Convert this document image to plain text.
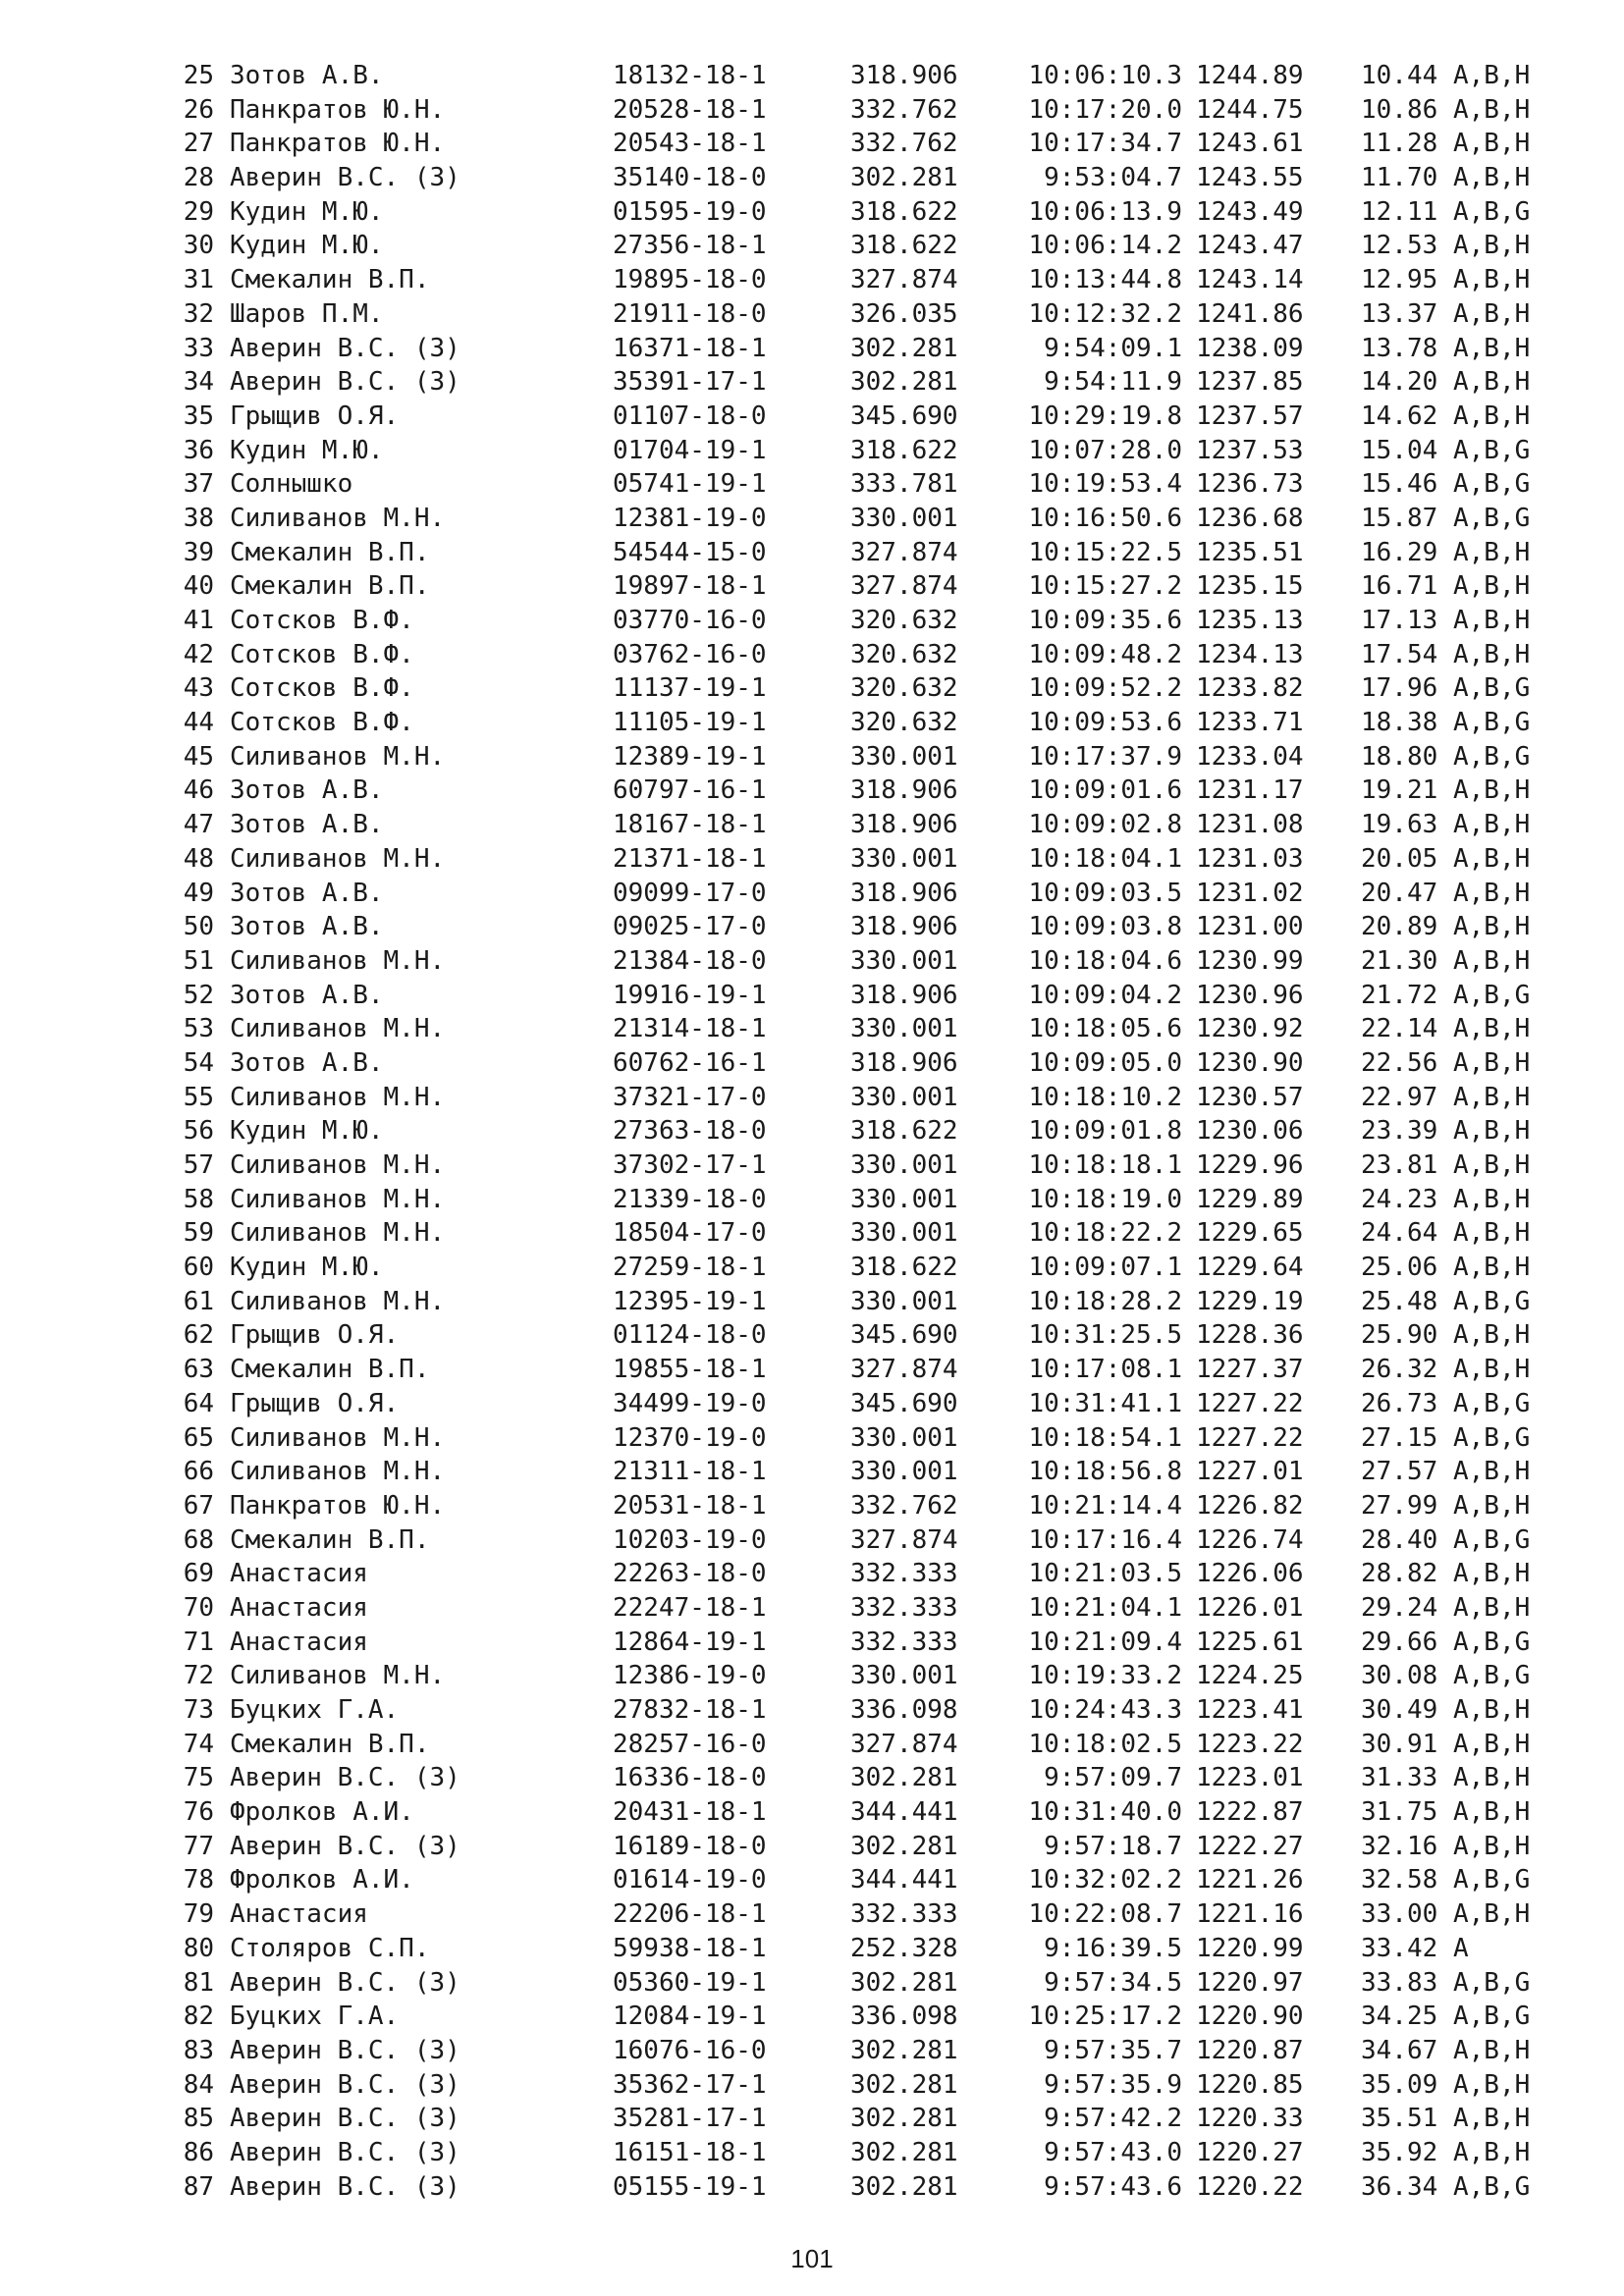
25 Зотов А.В.	18132-18-1	318.906	10:06:10.3 1244.89 10.44 A,B,H
26 Панкратов Ю.Н.	20528-18-1	332.762	10:17:20.0 1244.75 10.86 A,B,H
27 Панкратов Ю.Н.	20543-18-1	332.762	10:17:34.7 1243.61 11.28 A,B,H
28 Аверин В.С. (З)	35140-18-0	302.281	9:53:04.7 1243.55 11.70 A,B,H
29 Кудин М.Ю.	01595-19-0	318.622	10:06:13.9 1243.49 12.11 A,B,G
30 Кудин М.Ю.	27356-18-1	318.622	10:06:14.2 1243.47 12.53 A,B,H
31 Смекалин В.П.	19895-18-0	327.874	10:13:44.8 1243.14 12.95 A,B,H
32 Шаров П.М.	21911-18-0	326.035	10:12:32.2 1241.86 13.37 A,B,H
33 Аверин В.С. (З)	16371-18-1	302.281	9:54:09.1 1238.09 13.78 A,B,H
34 Аверин В.С. (З)	35391-17-1	302.281	9:54:11.9 1237.85 14.20 A,B,H
35 Грыщив О.Я.	01107-18-0	345.690	10:29:19.8 1237.57 14.62 A,B,H
36 Кудин М.Ю.	01704-19-1	318.622	10:07:28.0 1237.53 15.04 A,B,G
37 Солнышко	05741-19-1	333.781	10:19:53.4 1236.73 15.46 A,B,G
38 Силиванов М.Н.	12381-19-0	330.001	10:16:50.6 1236.68 15.87 A,B,G
39 Смекалин В.П.	54544-15-0	327.874	10:15:22.5 1235.51 16.29 A,B,H
40 Смекалин В.П.	19897-18-1	327.874	10:15:27.2 1235.15 16.71 A,B,H
41 Сотсков В.Ф.	03770-16-0	320.632	10:09:35.6 1235.13 17.13 A,B,H
42 Сотсков В.Ф.	03762-16-0	320.632	10:09:48.2 1234.13 17.54 A,B,H
43 Сотсков В.Ф.	11137-19-1	320.632	10:09:52.2 1233.82 17.96 A,B,G
44 Сотсков В.Ф.	11105-19-1	320.632	10:09:53.6 1233.71 18.38 A,B,G
45 Силиванов М.Н.	12389-19-1	330.001	10:17:37.9 1233.04 18.80 A,B,G
46 Зотов А.В.	60797-16-1	318.906	10:09:01.6 1231.17 19.21 A,B,H
47 Зотов А.В.	18167-18-1	318.906	10:09:02.8 1231.08 19.63 A,B,H
48 Силиванов М.Н.	21371-18-1	330.001	10:18:04.1 1231.03 20.05 A,B,H
49 Зотов А.В.	09099-17-0	318.906	10:09:03.5 1231.02 20.47 A,B,H
50 Зотов А.В.	09025-17-0	318.906	10:09:03.8 1231.00 20.89 A,B,H
51 Силиванов М.Н.	21384-18-0	330.001	10:18:04.6 1230.99 21.30 A,B,H
52 Зотов А.В.	19916-19-1	318.906	10:09:04.2 1230.96 21.72 A,B,G
53 Силиванов М.Н.	21314-18-1	330.001	10:18:05.6 1230.92 22.14 A,B,H
54 Зотов А.В.	60762-16-1	318.906	10:09:05.0 1230.90 22.56 A,B,H
55 Силиванов М.Н.	37321-17-0	330.001	10:18:10.2 1230.57 22.97 A,B,H
56 Кудин М.Ю.	27363-18-0	318.622	10:09:01.8 1230.06 23.39 A,B,H
57 Силиванов М.Н.	37302-17-1	330.001	10:18:18.1 1229.96 23.81 A,B,H
58 Силиванов М.Н.	21339-18-0	330.001	10:18:19.0 1229.89 24.23 A,B,H
59 Силиванов М.Н.	18504-17-0	330.001	10:18:22.2 1229.65 24.64 A,B,H
60 Кудин М.Ю.	27259-18-1	318.622	10:09:07.1 1229.64 25.06 A,B,H
61 Силиванов М.Н.	12395-19-1	330.001	10:18:28.2 1229.19 25.48 A,B,G
62 Грыщив О.Я.	01124-18-0	345.690	10:31:25.5 1228.36 25.90 A,B,H
63 Смекалин В.П.	19855-18-1	327.874	10:17:08.1 1227.37 26.32 A,B,H
64 Грыщив О.Я.	34499-19-0	345.690	10:31:41.1 1227.22 26.73 A,B,G
65 Силиванов М.Н.	12370-19-0	330.001	10:18:54.1 1227.22 27.15 A,B,G
66 Силиванов М.Н.	21311-18-1	330.001	10:18:56.8 1227.01 27.57 A,B,H
67 Панкратов Ю.Н.	20531-18-1	332.762	10:21:14.4 1226.82 27.99 A,B,H
68 Смекалин В.П.	10203-19-0	327.874	10:17:16.4 1226.74 28.40 A,B,G
69 Анастасия	22263-18-0	332.333	10:21:03.5 1226.06 28.82 A,B,H
70 Анастасия	22247-18-1	332.333	10:21:04.1 1226.01 29.24 A,B,H
71 Анастасия	12864-19-1	332.333	10:21:09.4 1225.61 29.66 A,B,G
72 Силиванов М.Н.	12386-19-0	330.001	10:19:33.2 1224.25 30.08 A,B,G
73 Буцких Г.А.	27832-18-1	336.098	10:24:43.3 1223.41 30.49 A,B,H
74 Смекалин В.П.	28257-16-0	327.874	10:18:02.5 1223.22 30.91 A,B,H
75 Аверин В.С. (З)	16336-18-0	302.281	9:57:09.7 1223.01 31.33 A,B,H
76 Фролков А.И.	20431-18-1	344.441	10:31:40.0 1222.87 31.75 A,B,H
77 Аверин В.С. (З)	16189-18-0	302.281	9:57:18.7 1222.27 32.16 A,B,H
78 Фролков А.И.	01614-19-0	344.441	10:32:02.2 1221.26 32.58 A,B,G
79 Анастасия	22206-18-1	332.333	10:22:08.7 1221.16 33.00 A,B,H
80 Столяров С.П.	59938-18-1	252.328	9:16:39.5 1220.99 33.42 A
81 Аверин В.С. (З)	05360-19-1	302.281	9:57:34.5 1220.97 33.83 A,B,G
82 Буцких Г.А.	12084-19-1	336.098	10:25:17.2 1220.90 34.25 A,B,G
83 Аверин В.С. (З)	16076-16-0	302.281	9:57:35.7 1220.87 34.67 A,B,H
84 Аверин В.С. (З)	35362-17-1	302.281	9:57:35.9 1220.85 35.09 A,B,H
85 Аверин В.С. (З)	35281-17-1	302.281	9:57:42.2 1220.33 35.51 A,B,H
86 Аверин В.С. (З)	16151-18-1	302.281	9:57:43.0 1220.27 35.92 A,B,H
87 Аверин В.С. (З)	05155-19-1	302.281	9:57:43.6 1220.22 36.34 A,B,G
101
